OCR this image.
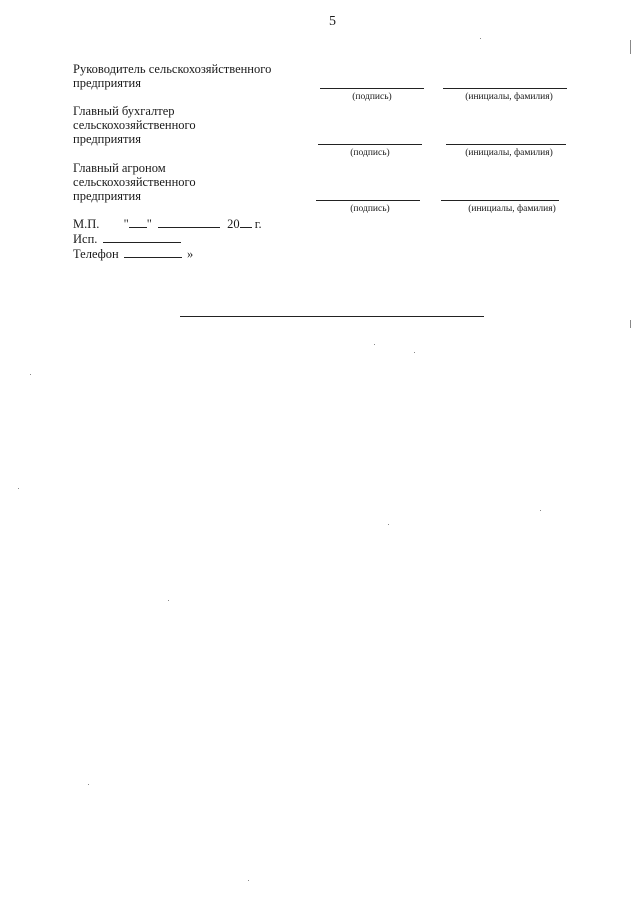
5
Руководитель сельскохозяйственного
предприятия
(подпись)	(инициалы, фамилия)
Главный бухгалтер
сельскохозяйственного
предприятия
(подпись)	(инициалы, фамилия)
Главный агроном
сельскохозяйственного
предприятия
(подпись)	(инициалы, фамилия)
М.П. " "	20 г.
Исп.
Телефон	»
